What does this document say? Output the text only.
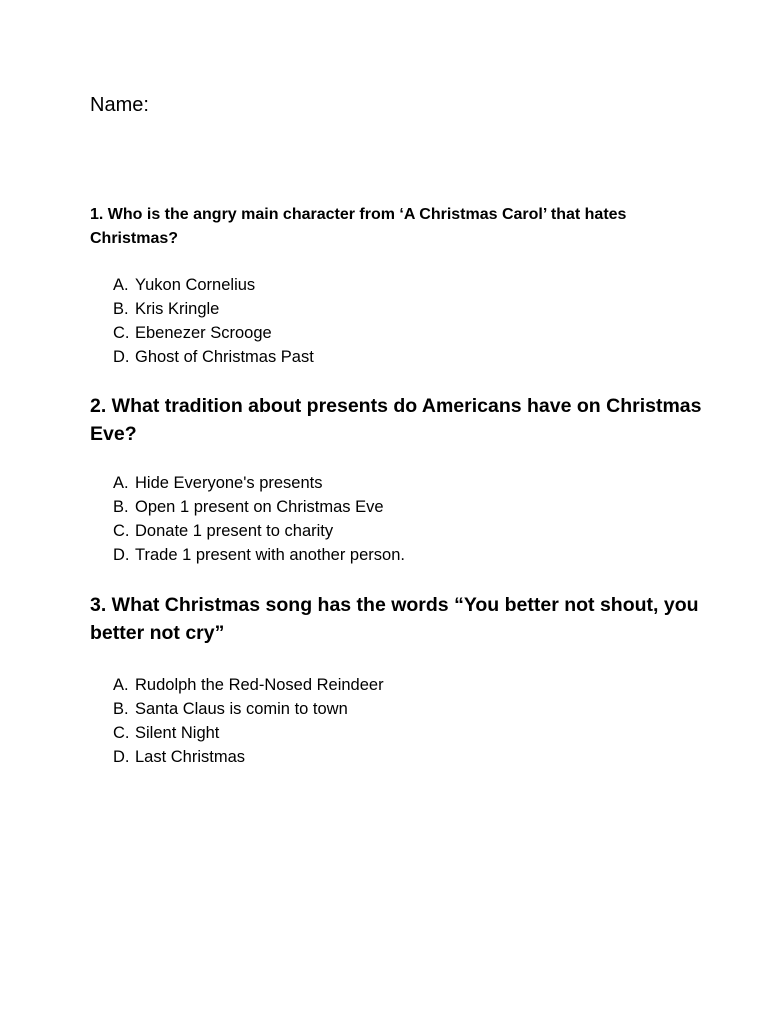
Name:
1. Who is the angry main character from ‘A Christmas Carol’ that hates Christmas?
A. Yukon Cornelius
B. Kris Kringle
C. Ebenezer Scrooge
D. Ghost of Christmas Past
2. What tradition about presents do Americans have on Christmas Eve?
A. Hide Everyone's presents
B. Open 1 present on Christmas Eve
C. Donate 1 present to charity
D. Trade 1 present with another person.
3. What Christmas song has the words “You better not shout, you better not cry”
A. Rudolph the Red-Nosed Reindeer
B. Santa Claus is comin to town
C. Silent Night
D. Last Christmas
